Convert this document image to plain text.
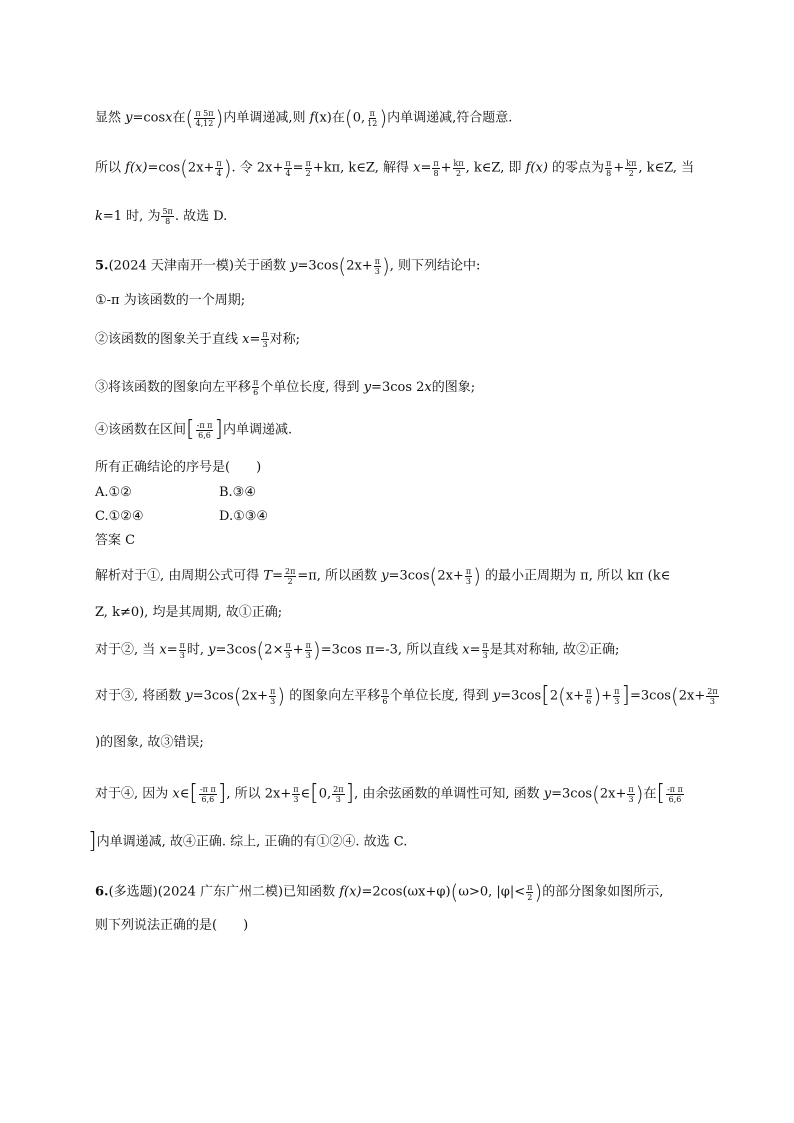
显然 y=cosx在( $\frac{\pi 5\pi}{4,12}$ )内单调递减,则 f(x)在(0, $\frac{\pi}{12}$ )内单调递减,符合题意.
所以 $f(x)=\cos(2x+ \frac{\pi}{4}$ ). 令 $2x+ \frac{\pi}{4} = \frac{\pi}{2} +k\pi$, k∈Z, 解得 $x= \frac{\pi}{8} + \frac{k\pi}{2}$ , k∈Z, 即 f(x) 的零点为 $\frac{\pi}{8} + \frac{k\pi}{2}$ , k∈Z, 当
k=1 时, 为 $\frac{5\pi}{8}$ . 故选 D.
5.(2024 天津南开一模)关于函数 $y=3\cos(2x+ \frac{\pi}{3}$ ), 则下列结论中:
①-π 为该函数的一个周期;
②该函数的图象关于直线 $x= \frac{\pi}{3}$ 对称;
③将该函数的图象向左平移 $\frac{\pi}{6}$ 个单位长度, 得到 y=3cos 2x的图象;
④该函数在区间[ $\frac{\text{-π π}}{6,6}$ ]内单调递减.
所有正确结论的序号是(　　)
A.①②	B.③④
C.①②④	D.①③④
答案 C
解析对于①, 由周期公式可得 $T= \frac{2\pi}{2} =\pi$, 所以函数 $y=3\cos(2x+ \frac{\pi}{3}$ ) 的最小正周期为 π, 所以 kπ (k∈
Z, k≠0), 均是其周期, 故①正确;
对于②, 当 $x= \frac{\pi}{3}$ 时, $y=3\cos(2\times \frac{\pi}{3} + \frac{\pi}{3} )=3\cos$ π=-3, 所以直线 $x= \frac{\pi}{3}$ 是其对称轴, 故②正确;
对于③, 将函数 $y=3\cos(2x+ \frac{\pi}{3}$ ) 的图象向左平移 $\frac{\pi}{6}$ 个单位长度, 得到 $y=3\cos[2(x+ \frac{\pi}{6}$ )+ $\frac{\pi}{3} ]=3\cos(2x+ \frac{2\pi}{3}$
)的图象, 故③错误;
对于④, 因为 x∈[ $\frac{\text{-π π}}{6,6}$ ], 所以 $2x+ \frac{\pi}{3}$ ∈[0, $\frac{2\pi}{3}$ ], 由余弦函数的单调性可知, 函数 $y=3\cos(2x+ \frac{\pi}{3}$ )在[ $\frac{\text{-π π}}{6,6}$
]内单调递减, 故④正确. 综上, 正确的有①②④. 故选 C.
6.(多选题)(2024 广东广州二模)已知函数 f(x)=2cos(ωx+φ)(ω>0, $|\varphi|< \frac{\pi}{2}$ )的部分图象如图所示,
则下列说法正确的是(　　)
